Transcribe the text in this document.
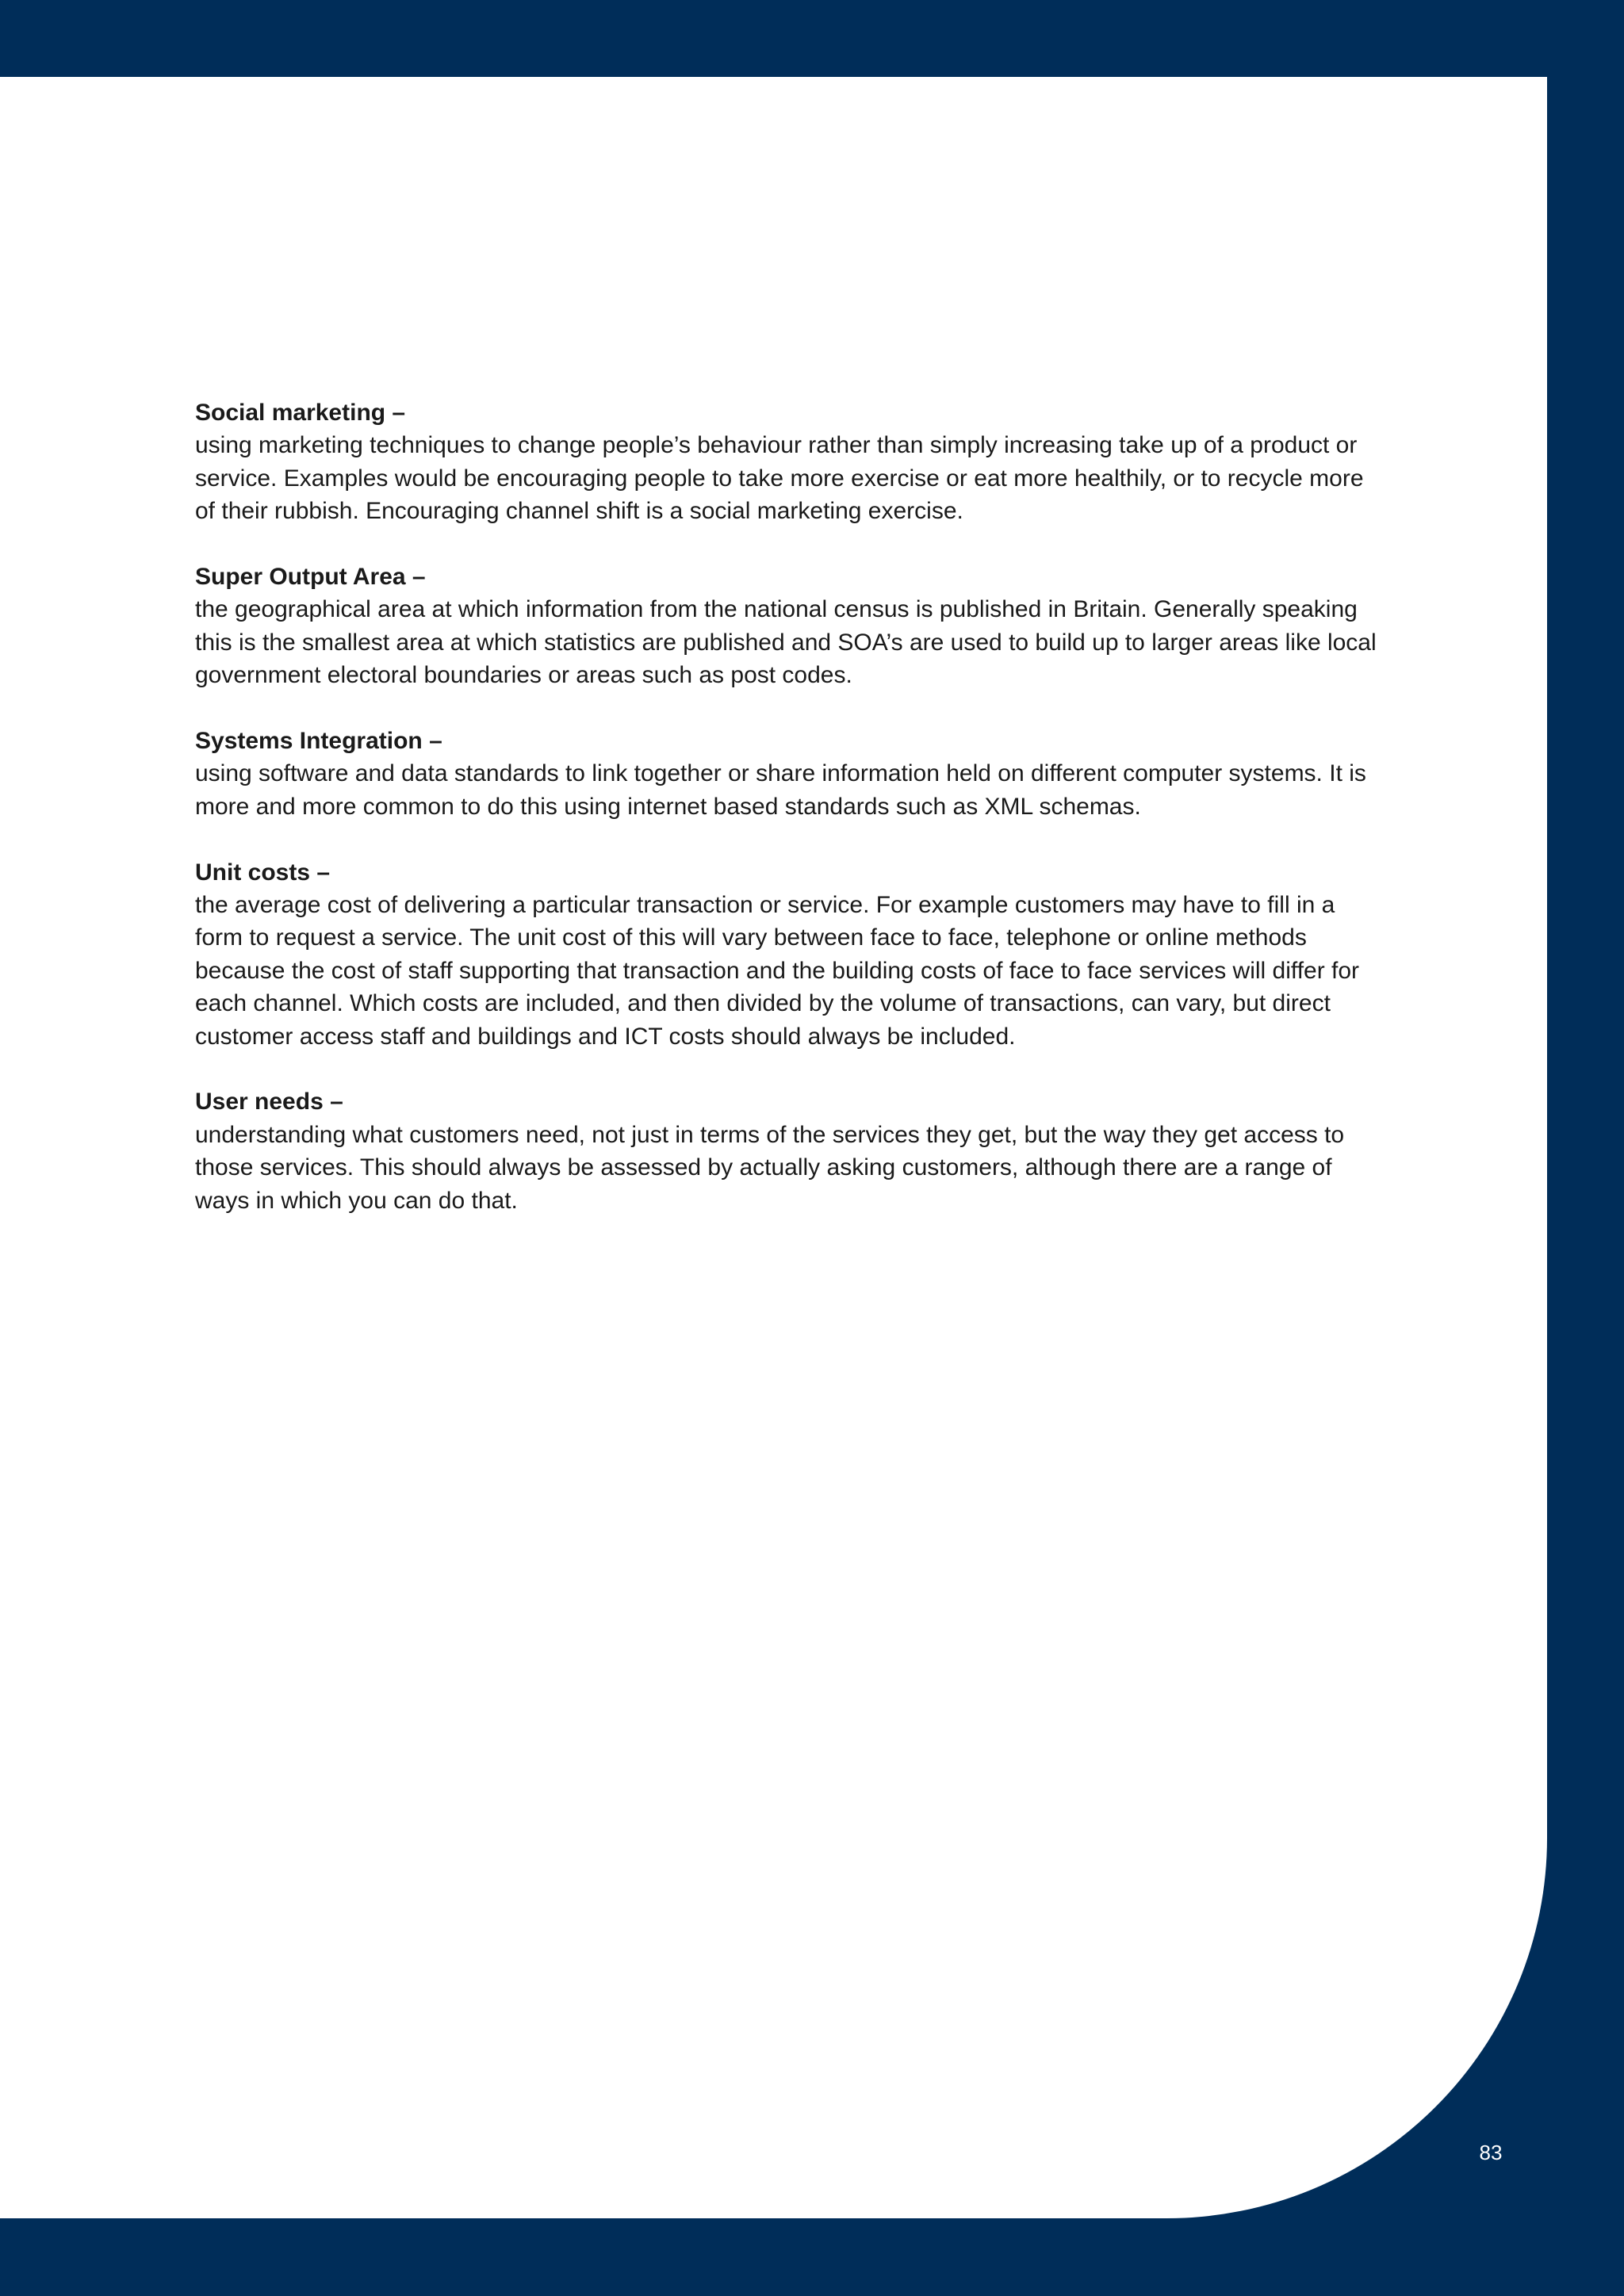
Social marketing –
using marketing techniques to change people’s behaviour rather than simply increasing take up of a product or service. Examples would be encouraging people to take more exercise or eat more healthily, or to recycle more of their rubbish. Encouraging channel shift is a social marketing exercise.
Super Output Area –
the geographical area at which information from the national census is published in Britain. Generally speaking this is the smallest area at which statistics are published and SOA’s are used to build up to larger areas like local government electoral boundaries or areas such as post codes.
Systems Integration –
using software and data standards to link together or share information held on different computer systems. It is more and more common to do this using internet based standards such as XML schemas.
Unit costs –
the average cost of delivering a particular transaction or service. For example customers may have to fill in a form to request a service. The unit cost of this will vary between face to face, telephone or online methods because the cost of staff supporting that transaction and the building costs of face to face services will differ for each channel. Which costs are included, and then divided by the volume of transactions, can vary, but direct customer access staff and buildings and ICT costs should always be included.
User needs –
understanding what customers need, not just in terms of the services they get, but the way they get access to those services. This should always be assessed by actually asking customers, although there are a range of ways in which you can do that.
83
